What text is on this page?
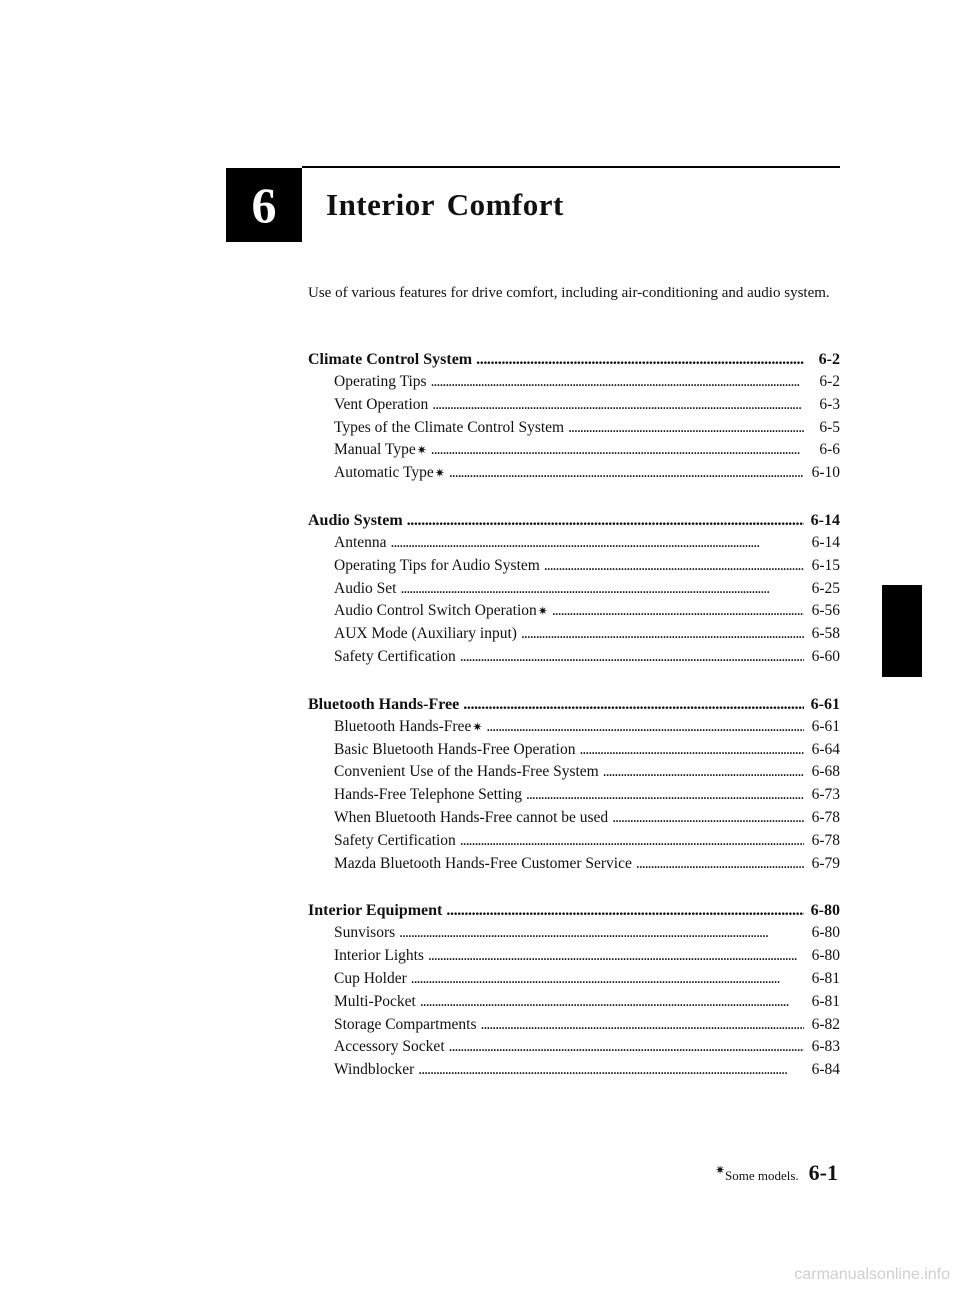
6 Interior Comfort
Use of various features for drive comfort, including air-conditioning and audio system.
Climate Control System . . .	6-2
Operating Tips . . .	6-2
Vent Operation . . .	6-3
Types of the Climate Control System . . .	6-5
Manual Type ✷ . . .	6-6
Automatic Type ✷ . . .	6-10
Audio System . . .	6-14
Antenna . . .	6-14
Operating Tips for Audio System . . .	6-15
Audio Set . . .	6-25
Audio Control Switch Operation ✷ . . .	6-56
AUX Mode (Auxiliary input) . . .	6-58
Safety Certification . . .	6-60
Bluetooth Hands-Free . . .	6-61
Bluetooth Hands-Free ✷ . . .	6-61
Basic Bluetooth Hands-Free Operation . . .	6-64
Convenient Use of the Hands-Free System . . .	6-68
Hands-Free Telephone Setting . . .	6-73
When Bluetooth Hands-Free cannot be used . . .	6-78
Safety Certification . . .	6-78
Mazda Bluetooth Hands-Free Customer Service . . .	6-79
Interior Equipment . . .	6-80
Sunvisors . . .	6-80
Interior Lights . . .	6-80
Cup Holder . . .	6-81
Multi-Pocket . . .	6-81
Storage Compartments . . .	6-82
Accessory Socket . . .	6-83
Windblocker . . .	6-84
✷Some models. 6-1
carmanualsonline.info
